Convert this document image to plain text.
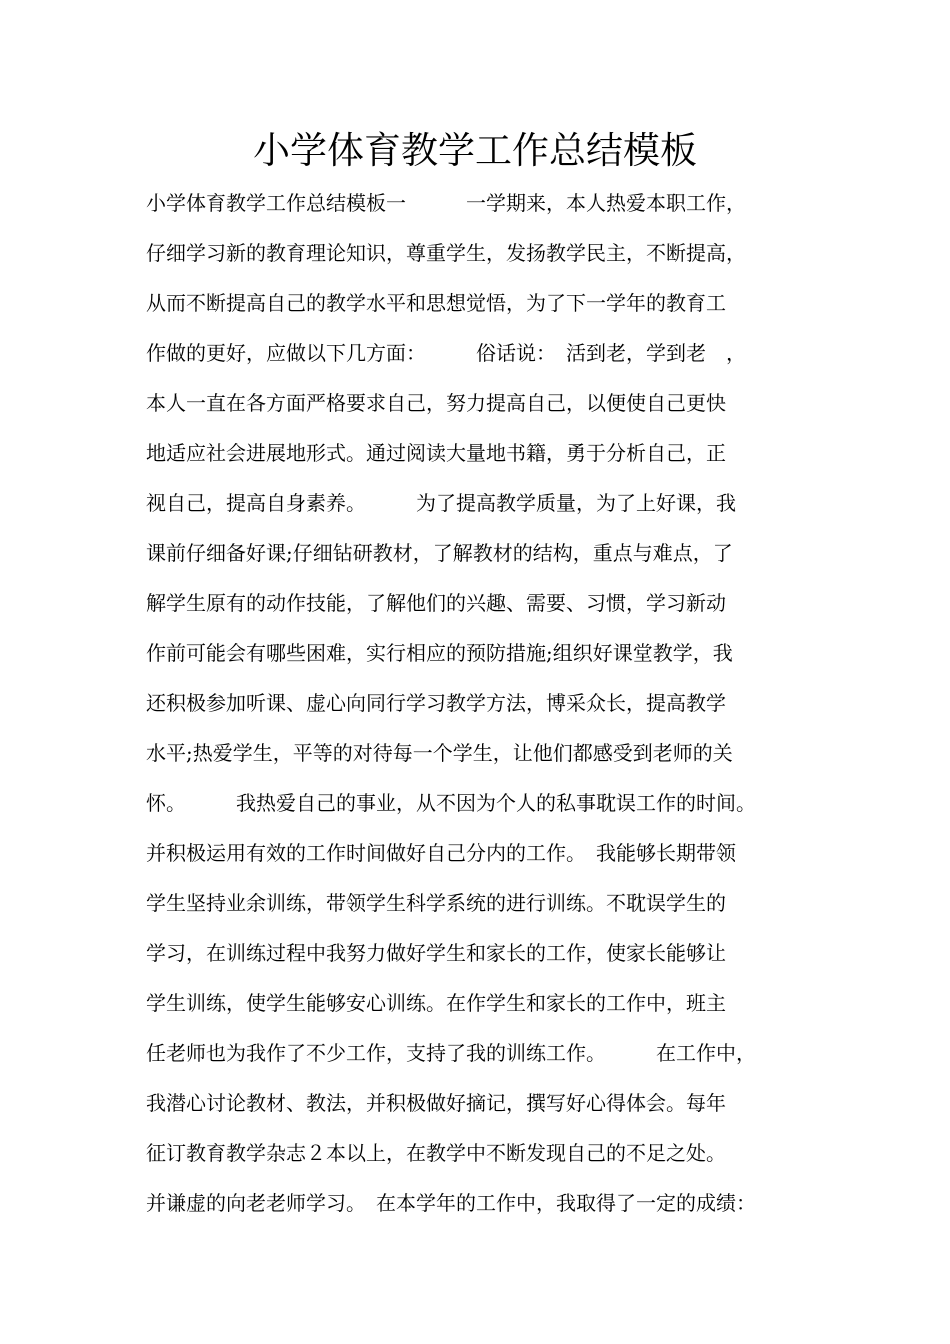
小学体育教学工作总结模板
小学体育教学工作总结模板一　　　一学期来，本人热爱本职工作，
仔细学习新的教育理论知识，尊重学生，发扬教学民主，不断提高，
从而不断提高自己的教学水平和思想觉悟，为了下一学年的教育工
作做的更好，应做以下几方面：　　　俗话说：　活到老，学到老　，
本人一直在各方面严格要求自己，努力提高自己，以便使自己更快
地适应社会进展地形式。通过阅读大量地书籍，勇于分析自己，正
视自己，提高自身素养。　　　为了提高教学质量，为了上好课，我
课前仔细备好课;仔细钻研教材，了解教材的结构，重点与难点，了
解学生原有的动作技能，了解他们的兴趣、需要、习惯，学习新动
作前可能会有哪些困难，实行相应的预防措施;组织好课堂教学，我
还积极参加听课、虚心向同行学习教学方法，博采众长，提高教学
水平;热爱学生，平等的对待每一个学生，让他们都感受到老师的关
怀。　　　我热爱自己的事业，从不因为个人的私事耽误工作的时间。
并积极运用有效的工作时间做好自己分内的工作。　我能够长期带领
学生坚持业余训练，带领学生科学系统的进行训练。不耽误学生的
学习，在训练过程中我努力做好学生和家长的工作，使家长能够让
学生训练，使学生能够安心训练。在作学生和家长的工作中，班主
任老师也为我作了不少工作，支持了我的训练工作。　　　在工作中，
我潜心讨论教材、教法，并积极做好摘记，撰写好心得体会。每年
征订教育教学杂志２本以上，在教学中不断发现自己的不足之处。
并谦虚的向老老师学习。　在本学年的工作中，我取得了一定的成绩：
